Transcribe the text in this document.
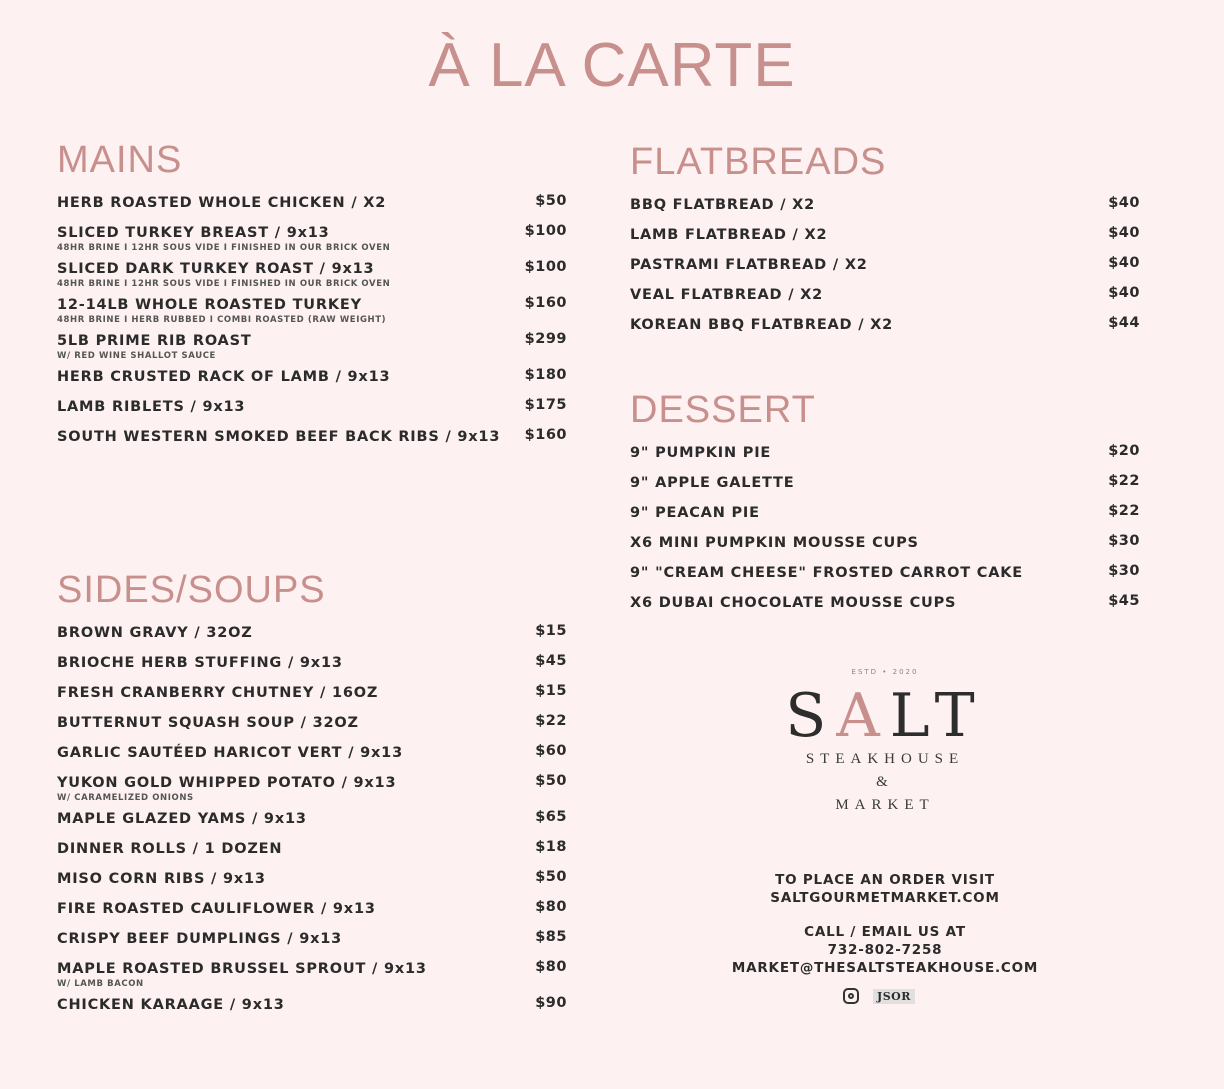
À LA CARTE
MAINS
HERB ROASTED WHOLE CHICKEN / X2	$50
SLICED TURKEY BREAST / 9x13
48HR BRINE I 12HR SOUS VIDE I FINISHED IN OUR BRICK OVEN
$100
SLICED DARK TURKEY ROAST / 9x13
48HR BRINE I 12HR SOUS VIDE I FINISHED IN OUR BRICK OVEN
$100
12-14LB WHOLE ROASTED TURKEY
48HR BRINE I HERB RUBBED I COMBI ROASTED (RAW WEIGHT)
$160
5LB PRIME RIB ROAST
W/ RED WINE SHALLOT SAUCE
$299
HERB CRUSTED RACK OF LAMB / 9x13	$180
LAMB RIBLETS / 9x13	$175
SOUTH WESTERN SMOKED BEEF BACK RIBS / 9x13 $160
SIDES/SOUPS
BROWN GRAVY / 32OZ	$15
BRIOCHE HERB STUFFING / 9x13	$45
FRESH CRANBERRY CHUTNEY / 16OZ	$15
BUTTERNUT SQUASH SOUP / 32OZ	$22
GARLIC SAUTÉED HARICOT VERT / 9x13	$60
YUKON GOLD WHIPPED POTATO / 9x13
W/ CARAMELIZED ONIONS
$50
MAPLE GLAZED YAMS / 9x13	$65
DINNER ROLLS / 1 DOZEN	$18
MISO CORN RIBS / 9x13	$50
FIRE ROASTED CAULIFLOWER / 9x13	$80
CRISPY BEEF DUMPLINGS / 9x13	$85
MAPLE ROASTED BRUSSEL SPROUT / 9x13
W/ LAMB BACON
$80
CHICKEN KARAAGE / 9x13	$90
FLATBREADS
BBQ FLATBREAD / X2	$40
LAMB FLATBREAD / X2	$40
PASTRAMI FLATBREAD / X2	$40
VEAL FLATBREAD / X2	$40
KOREAN BBQ FLATBREAD / X2	$44
DESSERT
9" PUMPKIN PIE	$20
9" APPLE GALETTE	$22
9" PEACAN PIE	$22
X6 MINI PUMPKIN MOUSSE CUPS	$30
9" "CREAM CHEESE" FROSTED CARROT CAKE	$30
X6 DUBAI CHOCOLATE MOUSSE CUPS	$45
ESTD • 2020
SALT
STEAKHOUSE
&
MARKET
TO PLACE AN ORDER VISIT
SALTGOURMETMARKET.COM
CALL / EMAIL US AT
732-802-7258
MARKET@THESALTSTEAKHOUSE.COM
JSOR
